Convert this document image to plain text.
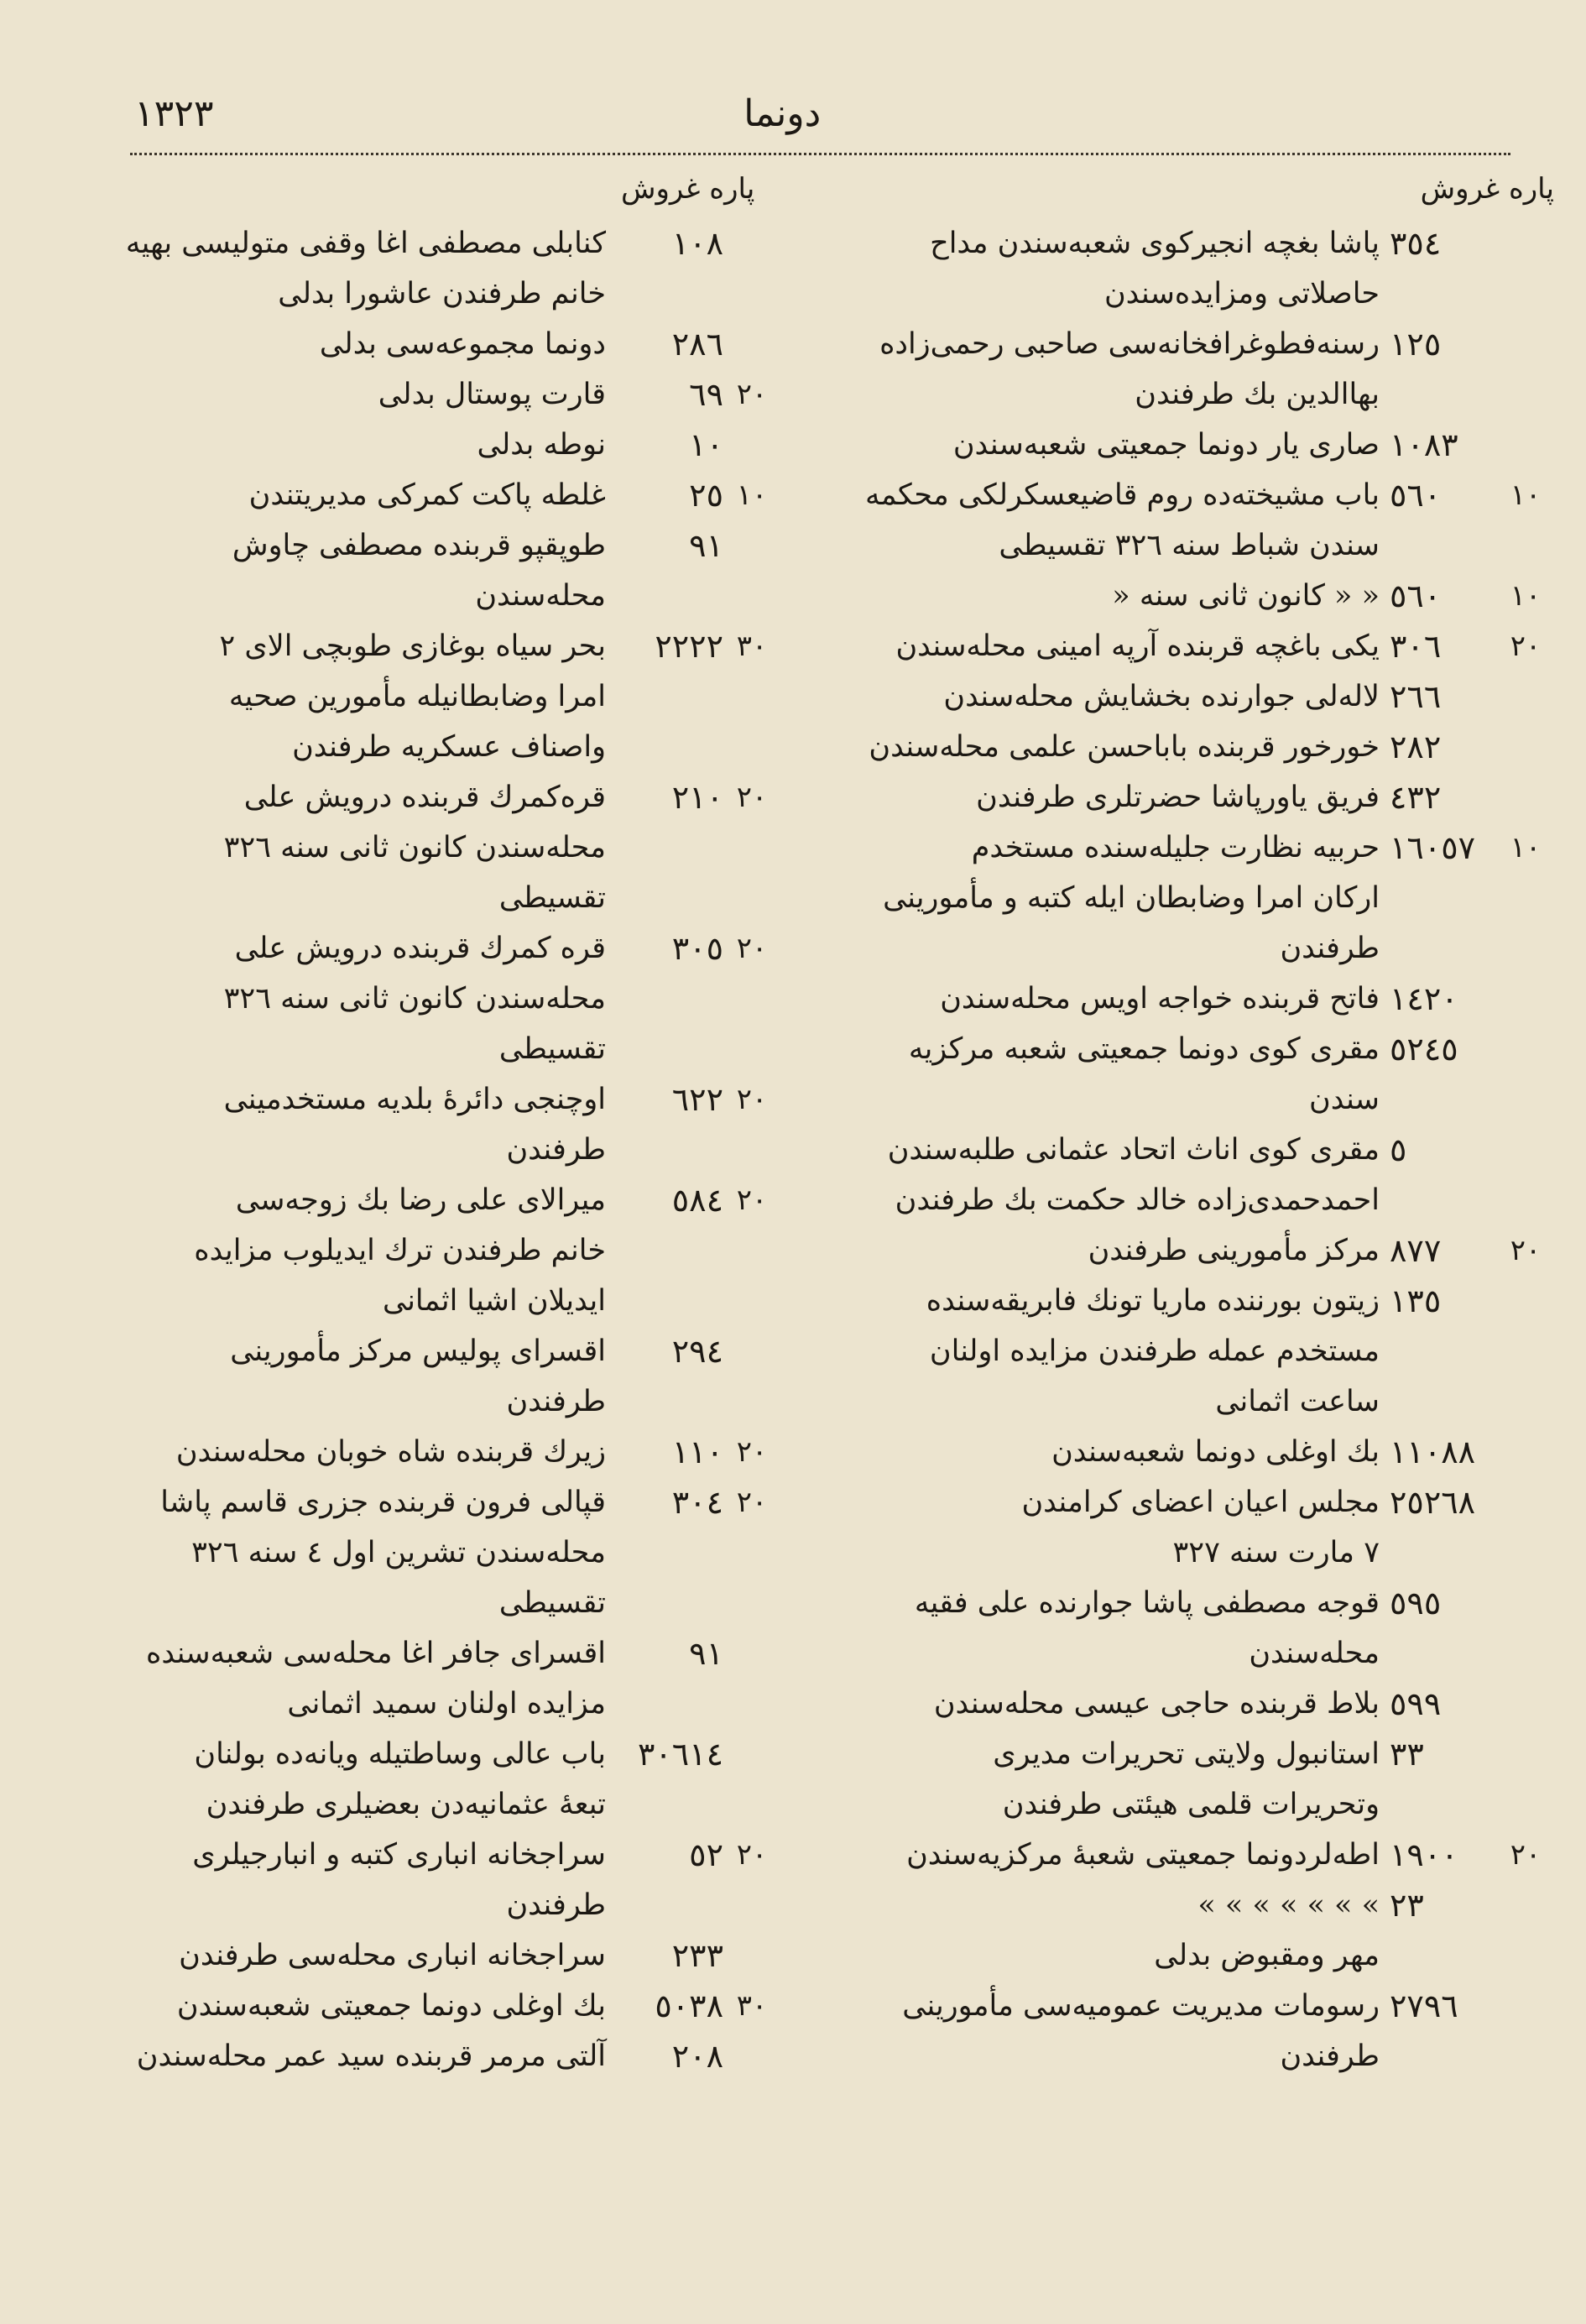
١٣٢٣	دونما
پاره غروش
پاره غروش
٣٥٤
پاشا بغچه انجیرکوی شعبه‌سندن مداح
حاصلاتی ومزایده‌سندن
١٢٥
رسنه‌فطوغرافخانه‌سی صاحبی رحمی‌زاده
بهاالدین بك طرفندن
١٠٨٣
صاری یار دونما جمعیتی شعبه‌سندن
١٠
٥٦٠
باب مشیخته‌ده روم قاضیعسکرلکی محکمه‌
سندن شباط سنه ٣٢٦ تقسیطی
١٠
٥٦٠
« « کانون ثانی سنه «
٢٠
٣٠٦
یکی باغچه قربنده آرپه امینی محله‌سندن
٢٦٦
لاله‌لی جوارنده بخشایش محله‌سندن
٢٨٢
خورخور قربنده باباحسن علمی محله‌سندن
٤٣٢
فریق یاورپاشا حضرتلری طرفندن
١٠
١٦٠٥٧
حربیه نظارت جلیله‌سنده مستخدم
ارکان امرا وضابطان ایله کتبه و مأمورینی
طرفندن
١٤٢٠
فاتح قربنده خواجه اویس محله‌سندن
٥٢٤٥
مقری کوی دونما جمعیتی شعبه مرکزیه
سندن
٥
مقری کوی اناث اتحاد عثمانی طلبه‌سندن
احمدحمدی‌زاده خالد حکمت بك طرفندن
٢٠
٨٧٧
مرکز مأمورینی طرفندن
١٣٥
زیتون بورننده ماریا تونك فابریقه‌سنده
مستخدم عمله طرفندن مزایده اولنان
ساعت اثمانی
١١٠٨٨
بك اوغلی دونما شعبه‌سندن
٢٥٢٦٨
مجلس اعیان اعضای کرامندن
٧ مارت سنه ٣٢٧
٥٩٥
قوجه مصطفی پاشا جوارنده علی فقیه
محله‌سندن
٥٩٩
بلاط قربنده حاجی عیسی محله‌سندن
٣٣
استانبول ولایتی تحریرات مدیری
وتحریرات قلمی هیئتی طرفندن
٢٠
١٩٠٠
اطه‌لردونما جمعیتی شعبهٔ مرکزیه‌سندن
٢٣
» » » » » » »
مهر ومقبوض بدلی
٢٧٩٦
رسومات مدیریت عمومیه‌سی مأمورینی
طرفندن
١٠٨
کنابلی مصطفی اغا وقفی متولیسی بهیه
خانم طرفندن عاشورا بدلی
٢٨٦
دونما مجموعه‌سی بدلی
٢٠
٦٩
قارت پوستال بدلی
١٠
نوطه بدلی
١٠
٢٥
غلطه پاکت کمرکی مدیریتندن
٩١
طوپقپو قربنده مصطفی چاوش
محله‌سندن
٣٠
٢٢٢٢
بحر سیاه بوغازی طوبچی الای ٢
امرا وضابطانیله مأمورین صحیه
واصناف عسکریه طرفندن
٢٠
٢١٠
قره‌کمرك قربنده درویش علی
محله‌سندن کانون ثانی سنه ٣٢٦
تقسیطی
٢٠
٣٠٥
قره کمرك قربنده درویش علی
محله‌سندن کانون ثانی سنه ٣٢٦
تقسیطی
٢٠
٦٢٢
اوچنجی دائرهٔ بلدیه مستخدمینی
طرفندن
٢٠
٥٨٤
میرالای علی رضا بك زوجه‌سی
خانم طرفندن ترك ایدیلوب مزایده
ایدیلان اشیا اثمانی
٢٩٤
اقسرای پولیس مرکز مأمورینی
طرفندن
٢٠
١١٠
زیرك قربنده شاه خوبان محله‌سندن
٢٠
٣٠٤
قپالی فرون قربنده جزری قاسم پاشا
محله‌سندن تشرین اول ٤ سنه ٣٢٦
تقسیطی
٩١
اقسرای جافر اغا محله‌سی شعبه‌سنده
مزایده اولنان سمید اثمانی
٣٠٦١٤
باب عالی وساطتیله ویانه‌ده بولنان
تبعهٔ عثمانیه‌دن بعضیلری طرفندن
٢٠
٥٢
سراجخانه انباری کتبه و انبارجیلری
طرفندن
٢٣٣
سراجخانه انباری محله‌سی طرفندن
٣٠
٥٠٣٨
بك اوغلی دونما جمعیتی شعبه‌سندن
٢٠٨
آلتی مرمر قربنده سید عمر محله‌سندن
